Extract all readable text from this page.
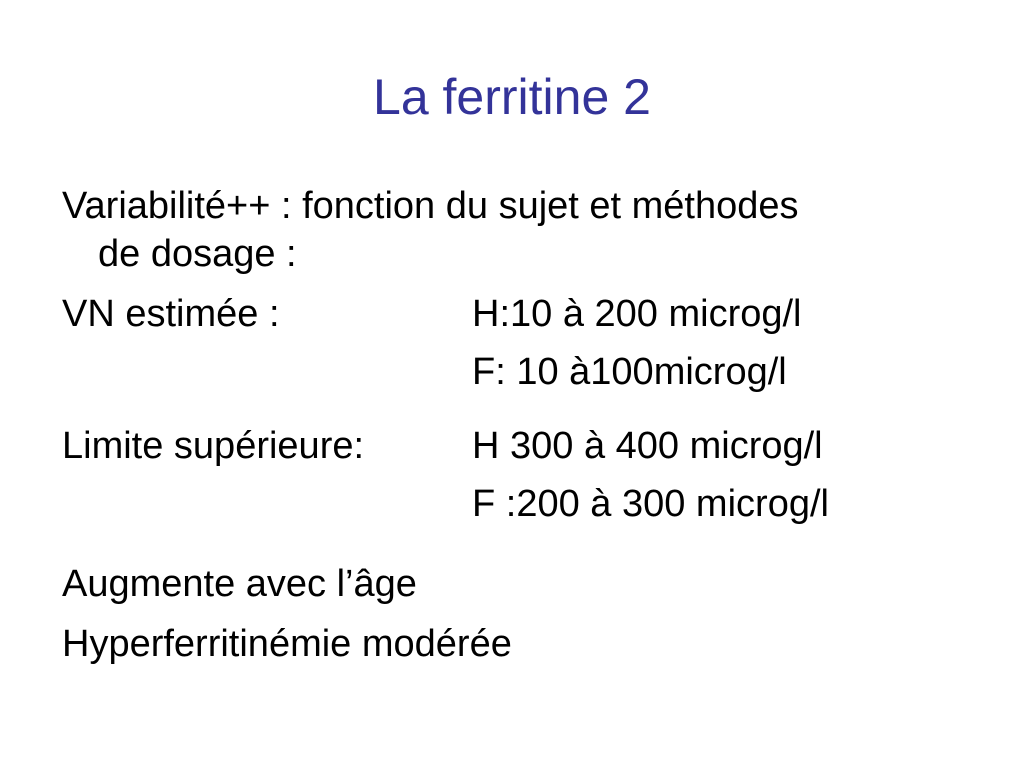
La ferritine 2

Variabilité++ : fonction du sujet et méthodes

de dosage :

VN estimée :	H:10 à 200 microg/l
F: 10 à100microg/l
Limite supérieure:	H 300 à 400 microg/l
F :200 à 300 microg/l

Augmente avec l’âge

Hyperferritinémie modérée
